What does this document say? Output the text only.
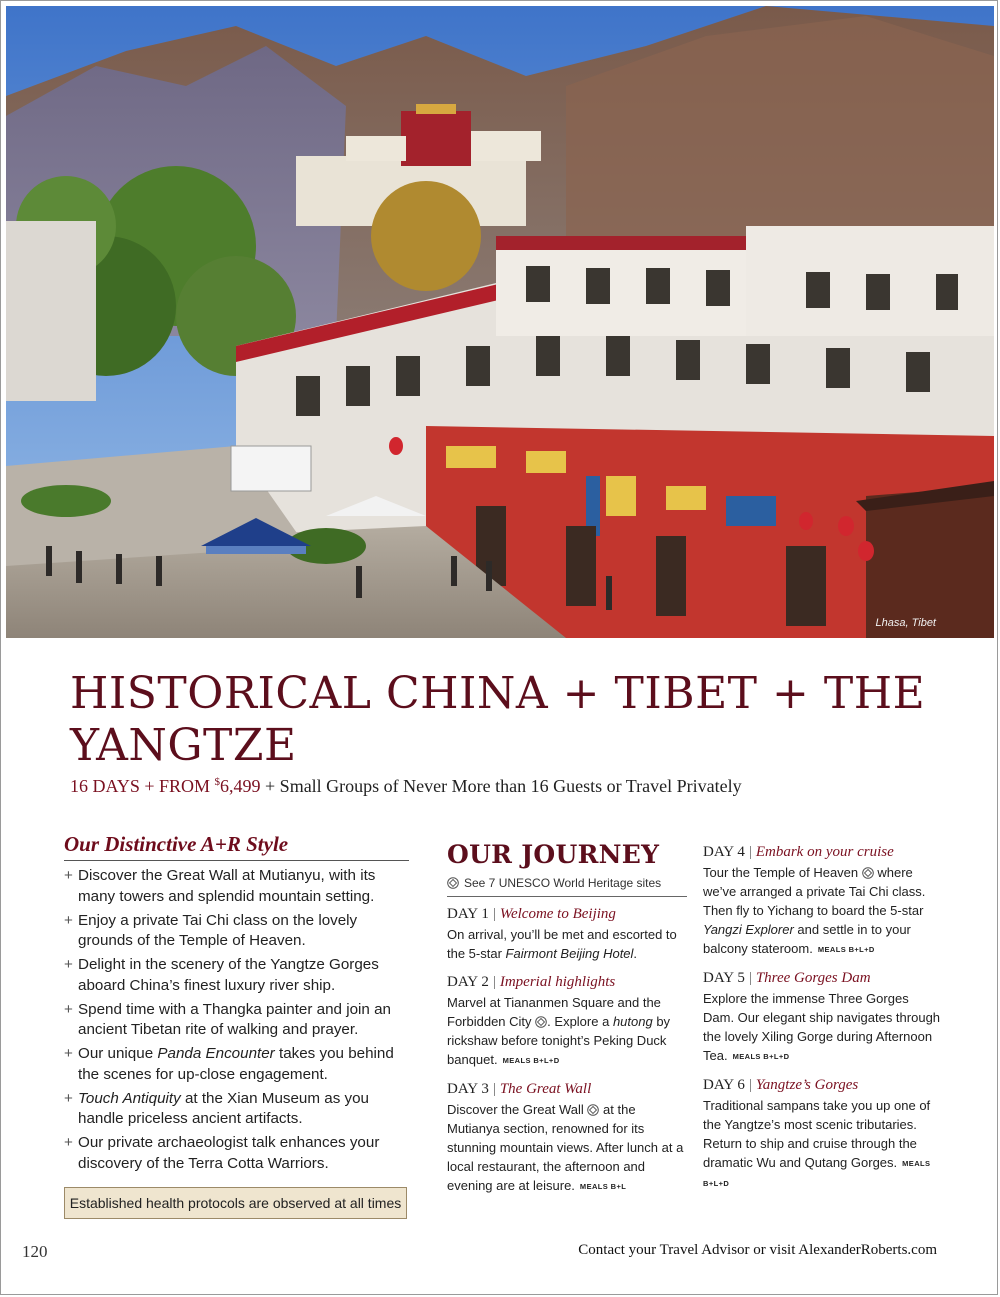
Lhasa, Tibet
HISTORICAL CHINA + TIBET + THE YANGTZE
16 DAYS + FROM $6,499 + Small Groups of Never More than 16 Guests or Travel Privately
Our Distinctive A+R Style
+ Discover the Great Wall at Mutianyu, with its many towers and splendid mountain setting.
+ Enjoy a private Tai Chi class on the lovely grounds of the Temple of Heaven.
+ Delight in the scenery of the Yangtze Gorges aboard China’s finest luxury river ship.
+ Spend time with a Thangka painter and join an ancient Tibetan rite of walking and prayer.
+ Our unique Panda Encounter takes you behind the scenes for up-close engagement.
+ Touch Antiquity at the Xian Museum as you handle priceless ancient artifacts.
+ Our private archaeologist talk enhances your discovery of the Terra Cotta Warriors.
Established health protocols are observed at all times
OUR JOURNEY
See 7 UNESCO World Heritage sites
DAY 1 | Welcome to Beijing
On arrival, you’ll be met and escorted to the 5-star Fairmont Beijing Hotel.
DAY 2 | Imperial highlights
Marvel at Tiananmen Square and the Forbidden City . Explore a hutong by rickshaw before tonight’s Peking Duck banquet. MEALS B+L+D
DAY 3 | The Great Wall
Discover the Great Wall  at the Mutianya section, renowned for its stunning mountain views. After lunch at a local restaurant, the afternoon and evening are at leisure. MEALS B+L
DAY 4 | Embark on your cruise
Tour the Temple of Heaven  where we’ve arranged a private Tai Chi class. Then fly to Yichang to board the 5-star Yangzi Explorer and settle in to your balcony stateroom. MEALS B+L+D
DAY 5 | Three Gorges Dam
Explore the immense Three Gorges Dam. Our elegant ship navigates through the lovely Xiling Gorge during Afternoon Tea. MEALS B+L+D
DAY 6 | Yangtze’s Gorges
Traditional sampans take you up one of the Yangtze’s most scenic tributaries. Return to ship and cruise through the dramatic Wu and Qutang Gorges. MEALS B+L+D
120	Contact your Travel Advisor or visit AlexanderRoberts.com
